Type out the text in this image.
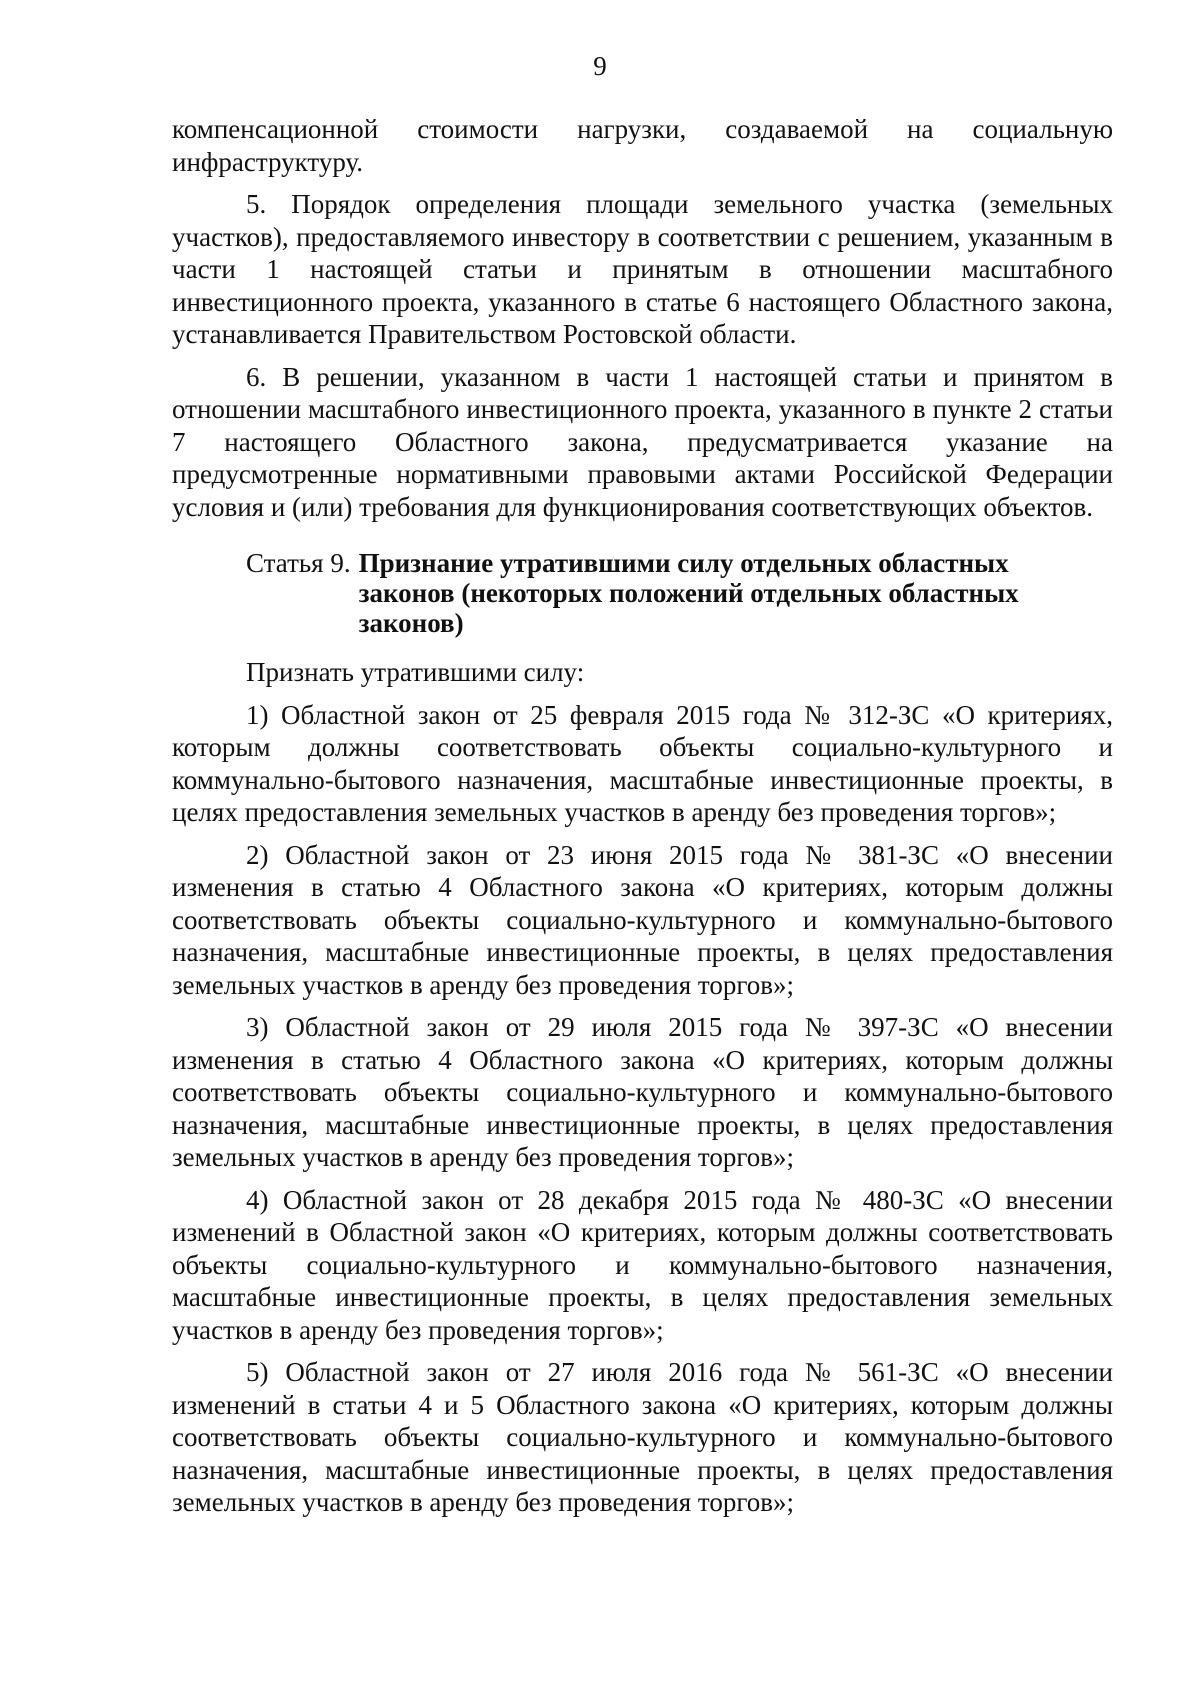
9

компенсационной стоимости нагрузки, создаваемой на социальную инфраструктуру.

5. Порядок определения площади земельного участка (земельных участков), предоставляемого инвестору в соответствии с решением, указанным в части 1 настоящей статьи и принятым в отношении масштабного инвестиционного проекта, указанного в статье 6 настоящего Областного закона, устанавливается Правительством Ростовской области.

6. В решении, указанном в части 1 настоящей статьи и принятом в отношении масштабного инвестиционного проекта, указанного в пункте 2 статьи 7 настоящего Областного закона, предусматривается указание на предусмотренные нормативными правовыми актами Российской Федерации условия и (или) требования для функционирования соответствующих объектов.

Статья 9. Признание утратившими силу отдельных областных законов (некоторых положений отдельных областных законов)

Признать утратившими силу:

1) Областной закон от 25 февраля 2015 года № 312-ЗС «О критериях, которым должны соответствовать объекты социально-культурного и коммунально-бытового назначения, масштабные инвестиционные проекты, в целях предоставления земельных участков в аренду без проведения торгов»;

2) Областной закон от 23 июня 2015 года № 381-ЗС «О внесении изменения в статью 4 Областного закона «О критериях, которым должны соответствовать объекты социально-культурного и коммунально-бытового назначения, масштабные инвестиционные проекты, в целях предоставления земельных участков в аренду без проведения торгов»;

3) Областной закон от 29 июля 2015 года № 397-ЗС «О внесении изменения в статью 4 Областного закона «О критериях, которым должны соответствовать объекты социально-культурного и коммунально-бытового назначения, масштабные инвестиционные проекты, в целях предоставления земельных участков в аренду без проведения торгов»;

4) Областной закон от 28 декабря 2015 года № 480-ЗС «О внесении изменений в Областной закон «О критериях, которым должны соответствовать объекты социально-культурного и коммунально-бытового назначения, масштабные инвестиционные проекты, в целях предоставления земельных участков в аренду без проведения торгов»;

5) Областной закон от 27 июля 2016 года № 561-ЗС «О внесении изменений в статьи 4 и 5 Областного закона «О критериях, которым должны соответствовать объекты социально-культурного и коммунально-бытового назначения, масштабные инвестиционные проекты, в целях предоставления земельных участков в аренду без проведения торгов»;
